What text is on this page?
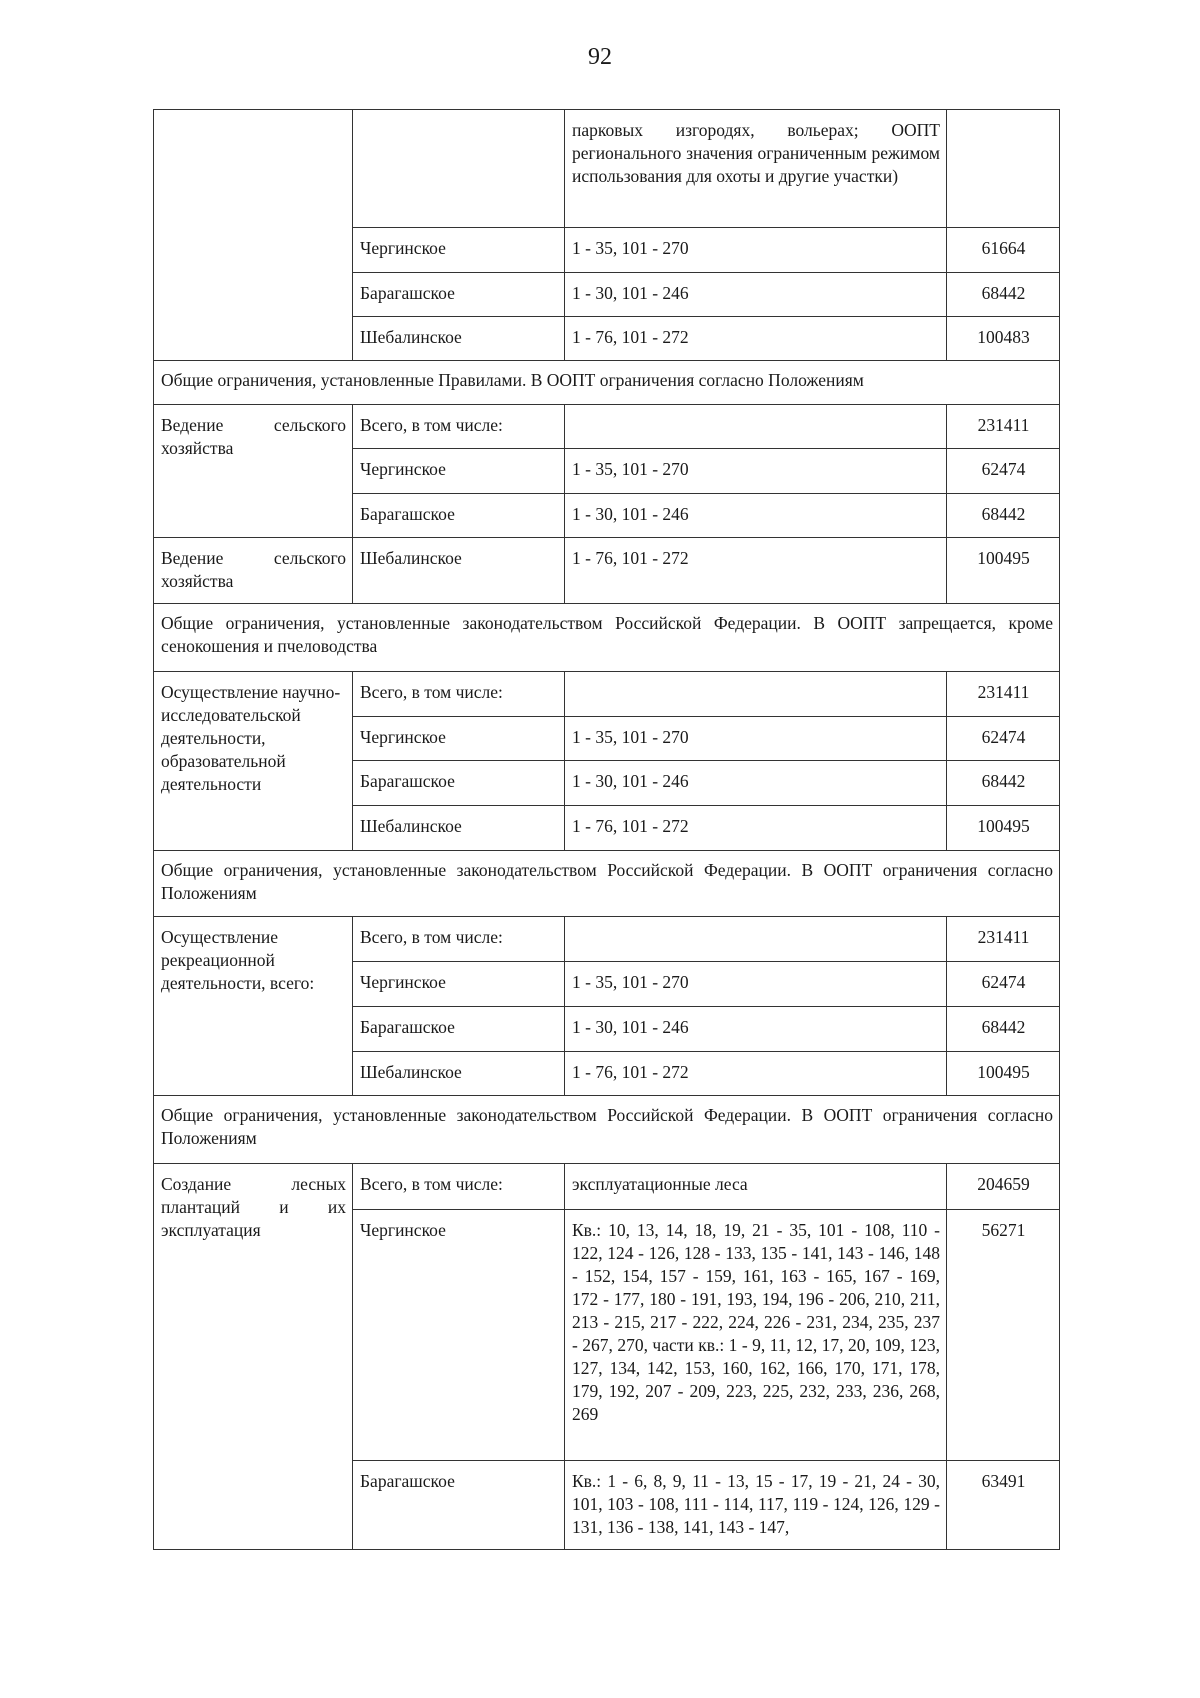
92
		парковых изгородях, вольерах; ООПТ регионального значения ограниченным режимом использования для охоты и другие участки)	
	Чергинское	1 - 35, 101 - 270	61664
	Барагашское	1 - 30, 101 - 246	68442
	Шебалинское	1 - 76, 101 - 272	100483
Общие ограничения, установленные Правилами. В ООПТ ограничения согласно Положениям			
Ведение сельского хозяйства	Всего, в том числе:		231411
	Чергинское	1 - 35, 101 - 270	62474
	Барагашское	1 - 30, 101 - 246	68442
Ведение сельского хозяйства	Шебалинское	1 - 76, 101 - 272	100495
Общие ограничения, установленные законодательством Российской Федерации. В ООПТ запрещается, кроме сенокошения и пчеловодства			
Осуществление научно-исследовательской деятельности, образовательной деятельности	Всего, в том числе:		231411
	Чергинское	1 - 35, 101 - 270	62474
	Барагашское	1 - 30, 101 - 246	68442
	Шебалинское	1 - 76, 101 - 272	100495
Общие ограничения, установленные законодательством Российской Федерации. В ООПТ ограничения согласно Положениям			
Осуществление рекреационной деятельности, всего:	Всего, в том числе:		231411
	Чергинское	1 - 35, 101 - 270	62474
	Барагашское	1 - 30, 101 - 246	68442
	Шебалинское	1 - 76, 101 - 272	100495
Общие ограничения, установленные законодательством Российской Федерации. В ООПТ ограничения согласно Положениям			
Создание лесных плантаций и их эксплуатация	Всего, в том числе:	эксплуатационные леса	204659
	Чергинское	Кв.: 10, 13, 14, 18, 19, 21 - 35, 101 - 108, 110 - 122, 124 - 126, 128 - 133, 135 - 141, 143 - 146, 148 - 152, 154, 157 - 159, 161, 163 - 165, 167 - 169, 172 - 177, 180 - 191, 193, 194, 196 - 206, 210, 211, 213 - 215, 217 - 222, 224, 226 - 231, 234, 235, 237 - 267, 270, части кв.: 1 - 9, 11, 12, 17, 20, 109, 123, 127, 134, 142, 153, 160, 162, 166, 170, 171, 178, 179, 192, 207 - 209, 223, 225, 232, 233, 236, 268, 269	56271
	Барагашское	Кв.: 1 - 6, 8, 9, 11 - 13, 15 - 17, 19 - 21, 24 - 30, 101, 103 - 108, 111 - 114, 117, 119 - 124, 126, 129 - 131, 136 - 138, 141, 143 - 147,	63491
